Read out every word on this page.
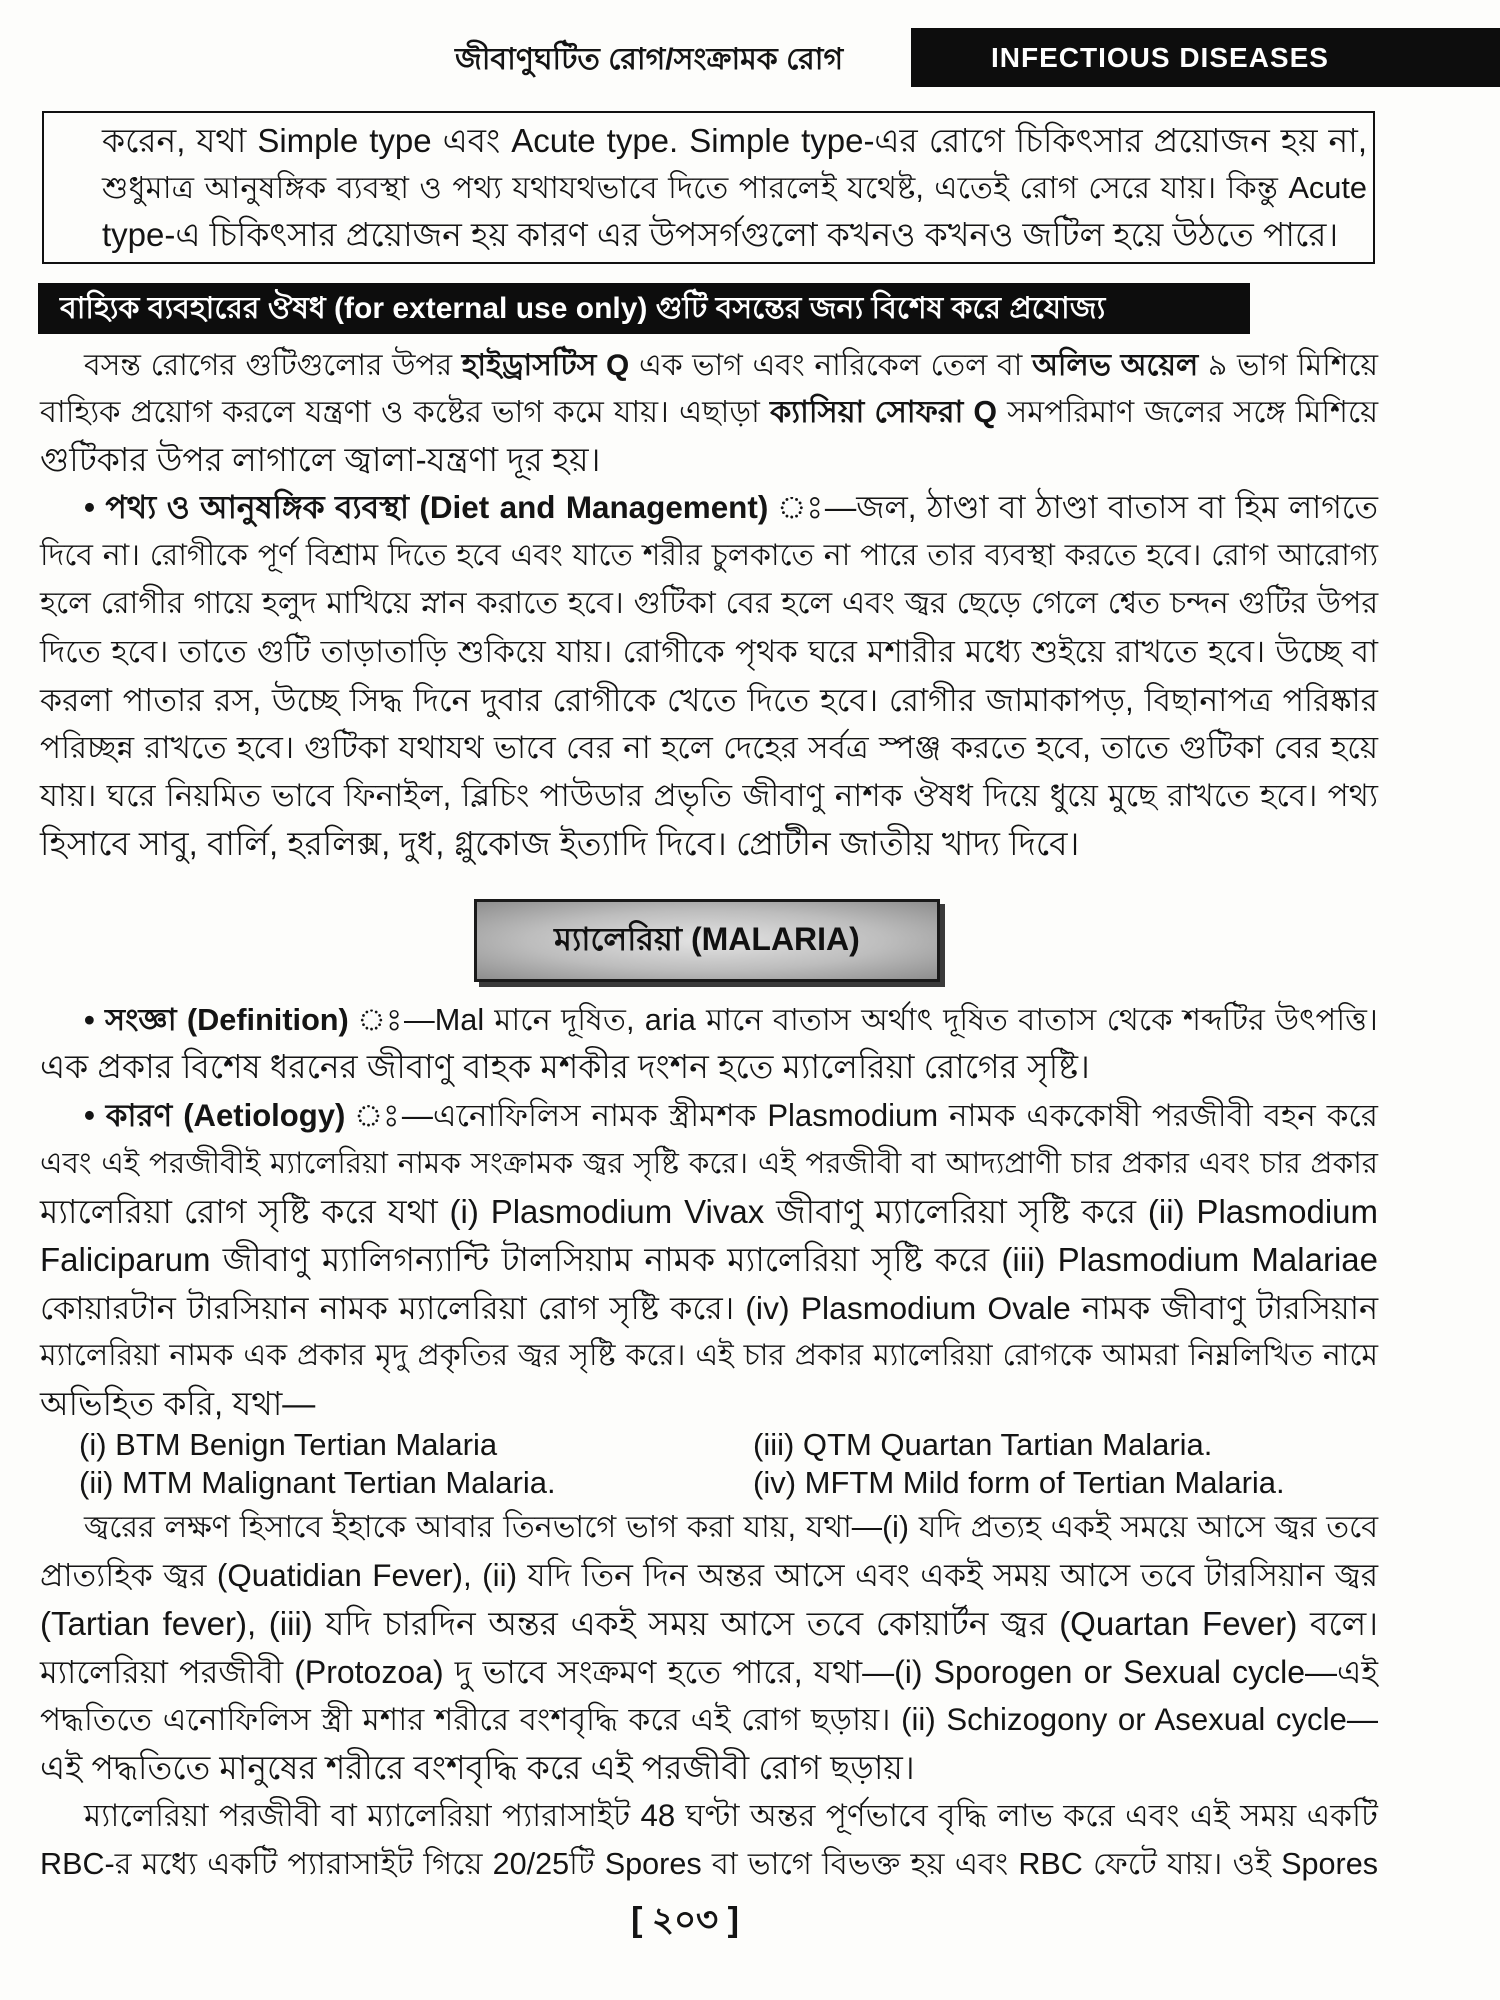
জীবাণুঘটিত রোগ/সংক্রামক রোগ	INFECTIOUS DISEASES
করেন, যথা Simple type এবং Acute type. Simple type-এর রোগে চিকিৎসার প্রয়োজন হয় না,
শুধুমাত্র আনুষঙ্গিক ব্যবস্থা ও পথ্য যথাযথভাবে দিতে পারলেই যথেষ্ট, এতেই রোগ সেরে যায়। কিন্তু Acute
type-এ চিকিৎসার প্রয়োজন হয় কারণ এর উপসর্গগুলো কখনও কখনও জটিল হয়ে উঠতে পারে।
বাহ্যিক ব্যবহারের ঔষধ (for external use only) গুটি বসন্তের জন্য বিশেষ করে প্রযোজ্য
বসন্ত রোগের গুটিগুলোর উপর হাইড্রাসটিস Q এক ভাগ এবং নারিকেল তেল বা অলিভ অয়েল ৯ ভাগ মিশিয়ে
বাহ্যিক প্রয়োগ করলে যন্ত্রণা ও কষ্টের ভাগ কমে যায়। এছাড়া ক্যাসিয়া সোফরা Q সমপরিমাণ জলের সঙ্গে মিশিয়ে
গুটিকার উপর লাগালে জ্বালা-যন্ত্রণা দূর হয়।
• পথ্য ও আনুষঙ্গিক ব্যবস্থা (Diet and Management) ঃ—জল, ঠাণ্ডা বা ঠাণ্ডা বাতাস বা হিম লাগতে
দিবে না। রোগীকে পূর্ণ বিশ্রাম দিতে হবে এবং যাতে শরীর চুলকাতে না পারে তার ব্যবস্থা করতে হবে। রোগ আরোগ্য
হলে রোগীর গায়ে হলুদ মাখিয়ে স্নান করাতে হবে। গুটিকা বের হলে এবং জ্বর ছেড়ে গেলে শ্বেত চন্দন গুটির উপর
দিতে হবে। তাতে গুটি তাড়াতাড়ি শুকিয়ে যায়। রোগীকে পৃথক ঘরে মশারীর মধ্যে শুইয়ে রাখতে হবে। উচ্ছে বা
করলা পাতার রস, উচ্ছে সিদ্ধ দিনে দুবার রোগীকে খেতে দিতে হবে। রোগীর জামাকাপড়, বিছানাপত্র পরিষ্কার
পরিচ্ছন্ন রাখতে হবে। গুটিকা যথাযথ ভাবে বের না হলে দেহের সর্বত্র স্পঞ্জ করতে হবে, তাতে গুটিকা বের হয়ে
যায়। ঘরে নিয়মিত ভাবে ফিনাইল, ব্লিচিং পাউডার প্রভৃতি জীবাণু নাশক ঔষধ দিয়ে ধুয়ে মুছে রাখতে হবে। পথ্য
হিসাবে সাবু, বার্লি, হরলিক্স, দুধ, গ্লুকোজ ইত্যাদি দিবে। প্রোটীন জাতীয় খাদ্য দিবে।
ম্যালেরিয়া (MALARIA)
• সংজ্ঞা (Definition) ঃ—Mal মানে দূষিত, aria মানে বাতাস অর্থাৎ দূষিত বাতাস থেকে শব্দটির উৎপত্তি।
এক প্রকার বিশেষ ধরনের জীবাণু বাহক মশকীর দংশন হতে ম্যালেরিয়া রোগের সৃষ্টি।
• কারণ (Aetiology) ঃ—এনোফিলিস নামক স্ত্রীমশক Plasmodium নামক এককোষী পরজীবী বহন করে
এবং এই পরজীবীই ম্যালেরিয়া নামক সংক্রামক জ্বর সৃষ্টি করে। এই পরজীবী বা আদ্যপ্রাণী চার প্রকার এবং চার প্রকার
ম্যালেরিয়া রোগ সৃষ্টি করে যথা (i) Plasmodium Vivax জীবাণু ম্যালেরিয়া সৃষ্টি করে (ii) Plasmodium
Faliciparum জীবাণু ম্যালিগন্যান্টি টালসিয়াম নামক ম্যালেরিয়া সৃষ্টি করে (iii) Plasmodium Malariae
কোয়ারটান টারসিয়ান নামক ম্যালেরিয়া রোগ সৃষ্টি করে। (iv) Plasmodium Ovale নামক জীবাণু টারসিয়ান
ম্যালেরিয়া নামক এক প্রকার মৃদু প্রকৃতির জ্বর সৃষ্টি করে। এই চার প্রকার ম্যালেরিয়া রোগকে আমরা নিম্নলিখিত নামে
অভিহিত করি, যথা—
(i) BTM Benign Tertian Malaria
(ii) MTM Malignant Tertian Malaria.
(iii) QTM Quartan Tartian Malaria.
(iv) MFTM Mild form of Tertian Malaria.
জ্বরের লক্ষণ হিসাবে ইহাকে আবার তিনভাগে ভাগ করা যায়, যথা—(i) যদি প্রত্যহ একই সময়ে আসে জ্বর তবে
প্রাত্যহিক জ্বর (Quatidian Fever), (ii) যদি তিন দিন অন্তর আসে এবং একই সময় আসে তবে টারসিয়ান জ্বর
(Tartian fever), (iii) যদি চারদিন অন্তর একই সময় আসে তবে কোয়ার্টন জ্বর (Quartan Fever) বলে।
ম্যালেরিয়া পরজীবী (Protozoa) দু ভাবে সংক্রমণ হতে পারে, যথা—(i) Sporogen or Sexual cycle—এই
পদ্ধতিতে এনোফিলিস স্ত্রী মশার শরীরে বংশবৃদ্ধি করে এই রোগ ছড়ায়। (ii) Schizogony or Asexual cycle—
এই পদ্ধতিতে মানুষের শরীরে বংশবৃদ্ধি করে এই পরজীবী রোগ ছড়ায়।
ম্যালেরিয়া পরজীবী বা ম্যালেরিয়া প্যারাসাইট 48 ঘণ্টা অন্তর পূর্ণভাবে বৃদ্ধি লাভ করে এবং এই সময় একটি
RBC-র মধ্যে একটি প্যারাসাইট গিয়ে 20/25টি Spores বা ভাগে বিভক্ত হয় এবং RBC ফেটে যায়। ওই Spores
[ ২০৩ ]
